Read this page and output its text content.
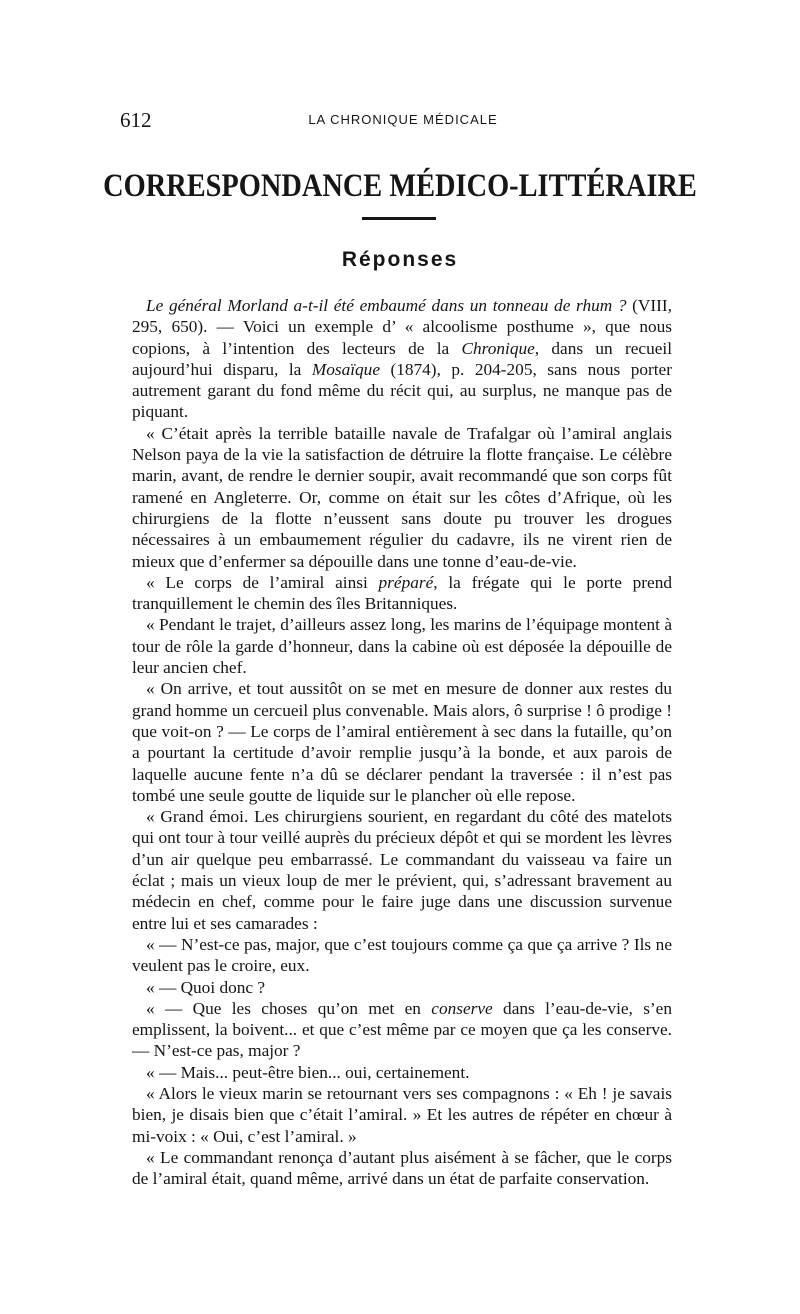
612	LA CHRONIQUE MÉDICALE
CORRESPONDANCE MÉDICO-LITTÉRAIRE
Réponses

Le général Morland a-t-il été embaumé dans un tonneau de rhum ? (VIII, 295, 650). — Voici un exemple d’ « alcoolisme posthume », que nous copions, à l’intention des lecteurs de la Chronique, dans un recueil aujourd’hui disparu, la Mosaïque (1874), p. 204-205, sans nous porter autrement garant du fond même du récit qui, au surplus, ne manque pas de piquant.

« C’était après la terrible bataille navale de Trafalgar où l’amiral anglais Nelson paya de la vie la satisfaction de détruire la flotte française. Le célèbre marin, avant, de rendre le dernier soupir, avait recommandé que son corps fût ramené en Angleterre. Or, comme on était sur les côtes d’Afrique, où les chirurgiens de la flotte n’eussent sans doute pu trouver les drogues nécessaires à un embaumement régulier du cadavre, ils ne virent rien de mieux que d’enfermer sa dépouille dans une tonne d’eau-de-vie.

« Le corps de l’amiral ainsi préparé, la frégate qui le porte prend tranquillement le chemin des îles Britanniques.

« Pendant le trajet, d’ailleurs assez long, les marins de l’équipage montent à tour de rôle la garde d’honneur, dans la cabine où est déposée la dépouille de leur ancien chef.

« On arrive, et tout aussitôt on se met en mesure de donner aux restes du grand homme un cercueil plus convenable. Mais alors, ô surprise ! ô prodige ! que voit-on ? — Le corps de l’amiral entièrement à sec dans la futaille, qu’on a pourtant la certitude d’avoir remplie jusqu’à la bonde, et aux parois de laquelle aucune fente n’a dû se déclarer pendant la traversée : il n’est pas tombé une seule goutte de liquide sur le plancher où elle repose.

« Grand émoi. Les chirurgiens sourient, en regardant du côté des matelots qui ont tour à tour veillé auprès du précieux dépôt et qui se mordent les lèvres d’un air quelque peu embarrassé. Le commandant du vaisseau va faire un éclat ; mais un vieux loup de mer le prévient, qui, s’adressant bravement au médecin en chef, comme pour le faire juge dans une discussion survenue entre lui et ses camarades :

« — N’est-ce pas, major, que c’est toujours comme ça que ça arrive ? Ils ne veulent pas le croire, eux.

« — Quoi donc ?

« — Que les choses qu’on met en conserve dans l’eau-de-vie, s’en emplissent, la boivent... et que c’est même par ce moyen que ça les conserve. — N’est-ce pas, major ?

« — Mais... peut-être bien... oui, certainement.

« Alors le vieux marin se retournant vers ses compagnons : « Eh ! je savais bien, je disais bien que c’était l’amiral. » Et les autres de répéter en chœur à mi-voix : « Oui, c’est l’amiral. »

« Le commandant renonça d’autant plus aisément à se fâcher, que le corps de l’amiral était, quand même, arrivé dans un état de parfaite conservation.
